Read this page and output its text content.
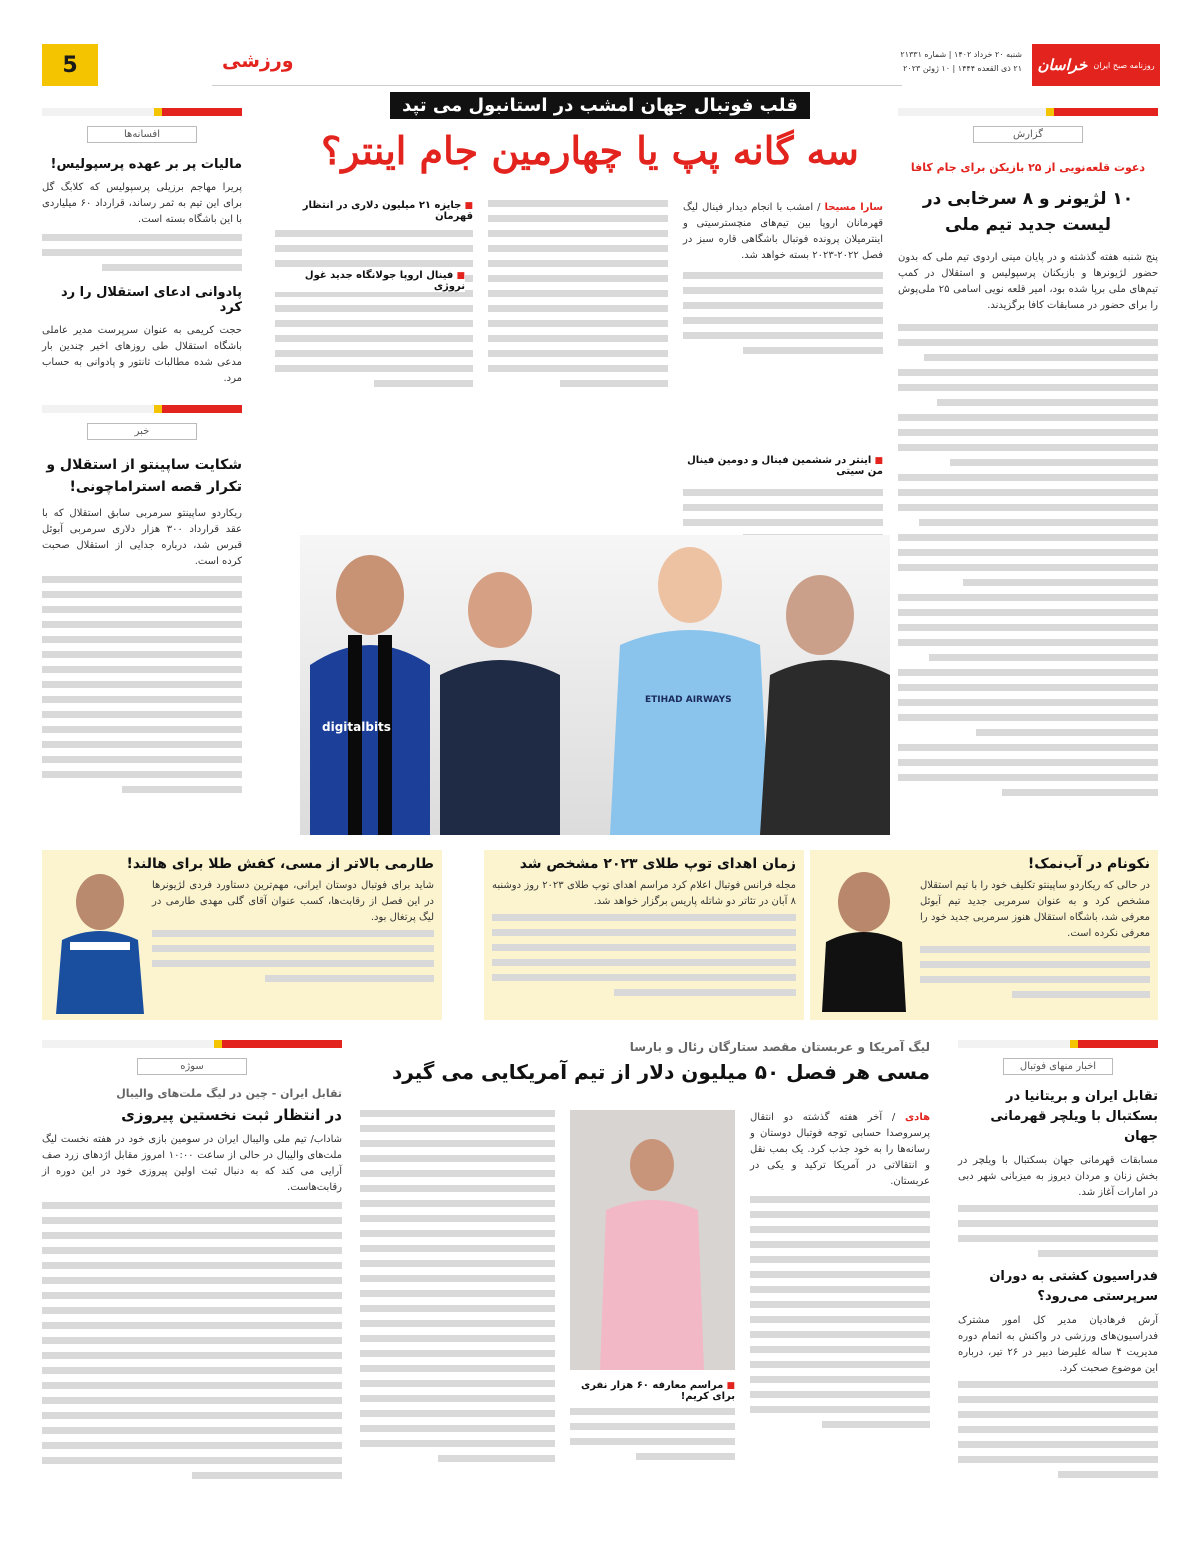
روزنامه صبح ایران
خراسان
شنبه ۲۰ خرداد ۱۴۰۲ | شماره ۲۱۳۳۱
۲۱ ذی القعده ۱۴۴۴ | ۱۰ ژوئن ۲۰۲۳
ورزشی
5
گزارش
دعوت قلعه‌نویی از ۲۵ بازیکن برای جام کافا
۱۰ لژیونر و ۸ سرخابی در لیست جدید تیم ملی
پنج شنبه هفته گذشته و در پایان مینی اردوی تیم ملی که بدون حضور لژیونرها و بازیکنان پرسپولیس و استقلال در کمپ تیم‌های ملی برپا شده بود، امیر قلعه نویی اسامی ۲۵ ملی‌پوش را برای حضور در مسابقات کافا برگزیدند.
قلب فوتبال جهان امشب در استانبول می تپد
سه گانه پپ یا چهارمین جام اینتر؟
سارا مسیحا / امشب با انجام دیدار فینال لیگ قهرمانان اروپا بین تیم‌های منچسترسیتی و اینترمیلان پرونده فوتبال باشگاهی قاره سبز در فصل ۲۰۲۲-۲۰۲۳ بسته خواهد شد.
■ جایزه ۲۱ میلیون دلاری در انتظار قهرمان
■ اینتر در ششمین فینال و دومین فینال من سیتی
■ فینال اروپا جولانگاه جدید غول نروژی
digitalbits
ETIHAD AIRWAYS
افسانه‌ها
مالیات پر بر عهده پرسپولیس!
پریرا مهاجم برزیلی پرسپولیس که کلابگ گل برای این تیم به ثمر رساند، قرارداد ۶۰ میلیاردی با این باشگاه بسته است.
پادوانی ادعای استقلال را رد کرد
حجت کریمی به عنوان سرپرست مدیر عاملی باشگاه استقلال طی روزهای اخیر چندین بار مدعی شده مطالبات ثانتور و پادوانی به حساب مرد.
خبر
شکایت ساپینتو از استقلال و تکرار قصه استراماچونی!
ریکاردو ساپینتو سرمربی سابق استقلال که با عقد قرارداد ۳۰۰ هزار دلاری سرمربی آبوئل قبرس شد، درباره جدایی از استقلال صحبت کرده است.
نکونام در آب‌نمک!
در حالی که ریکاردو ساپینتو تکلیف خود را با تیم استقلال مشخص کرد و به عنوان سرمربی جدید تیم آبوئل معرفی شد، باشگاه استقلال هنوز سرمربی جدید خود را معرفی نکرده است.
زمان اهدای توپ طلای ۲۰۲۳ مشخص شد
مجله فرانس فوتبال اعلام کرد مراسم اهدای توپ طلای ۲۰۲۳ روز دوشنبه ۸ آبان در تئاتر دو شاتله پاریس برگزار خواهد شد.
طارمی بالاتر از مسی، کفش طلا برای هالند!
شاید برای فوتبال دوستان ایرانی، مهم‌ترین دستاورد فردی لژیونرها در این فصل از رقابت‌ها، کسب عنوان آقای گلی مهدی طارمی در لیگ پرتغال بود.
اخبار منهای فوتبال
تقابل ایران و بریتانیا در بسکتبال با ویلچر قهرمانی جهان
مسابقات قهرمانی جهان بسکتبال با ویلچر در بخش زنان و مردان دیروز به میزبانی شهر دبی در امارات آغاز شد.
فدراسیون کشتی به دوران سرپرستی می‌رود؟
آرش فرهادیان مدیر کل امور مشترک فدراسیون‌های ورزشی در واکنش به اتمام دوره مدیریت ۴ ساله علیرضا دبیر در ۲۶ تیر، درباره این موضوع صحبت کرد.
لیگ آمریکا و عربستان مقصد ستارگان رئال و بارسا
مسی هر فصل ۵۰ میلیون دلار از تیم آمریکایی می گیرد
هادی / آخر هفته گذشته دو انتقال پرسروصدا حسابی توجه فوتبال دوستان و رسانه‌ها را به خود جذب کرد. یک بمب نقل و انتقالاتی در آمریکا ترکید و یکی در عربستان.
■ مراسم معارفه ۶۰ هزار نفری برای کریم!
سوژه
تقابل ایران - چین در لیگ ملت‌های والیبال
در انتظار ثبت نخستین پیروزی
شاداب/ تیم ملی والیبال ایران در سومین بازی خود در هفته نخست لیگ ملت‌های والیبال در حالی از ساعت ۱۰:۰۰ امروز مقابل اژدهای زرد صف آرایی می کند که به دنبال ثبت اولین پیروزی خود در این دوره از رقابت‌هاست.
